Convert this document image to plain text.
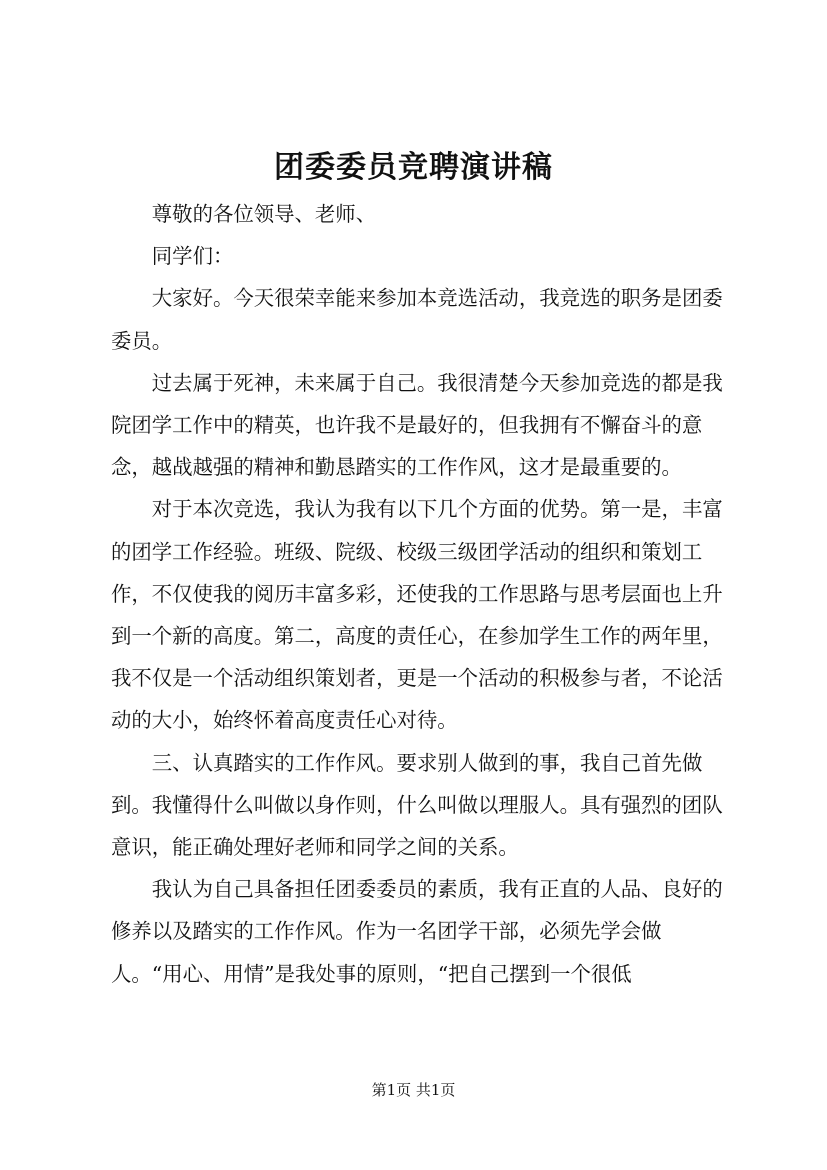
团委委员竞聘演讲稿

尊敬的各位领导、老师、

同学们：

大家好。今天很荣幸能来参加本竞选活动，我竞选的职务是团委委员。

过去属于死神，未来属于自己。我很清楚今天参加竞选的都是我院团学工作中的精英，也许我不是最好的，但我拥有不懈奋斗的意念，越战越强的精神和勤恳踏实的工作作风，这才是最重要的。

对于本次竞选，我认为我有以下几个方面的优势。第一是，丰富的团学工作经验。班级、院级、校级三级团学活动的组织和策划工作，不仅使我的阅历丰富多彩，还使我的工作思路与思考层面也上升到一个新的高度。第二，高度的责任心，在参加学生工作的两年里，我不仅是一个活动组织策划者，更是一个活动的积极参与者，不论活动的大小，始终怀着高度责任心对待。

三、认真踏实的工作作风。要求别人做到的事，我自己首先做到。我懂得什么叫做以身作则，什么叫做以理服人。具有强烈的团队意识，能正确处理好老师和同学之间的关系。

我认为自己具备担任团委委员的素质，我有正直的人品、良好的修养以及踏实的工作作风。作为一名团学干部，必须先学会做人。“用心、用情”是我处事的原则，“把自己摆到一个很低

第1页 共1页
